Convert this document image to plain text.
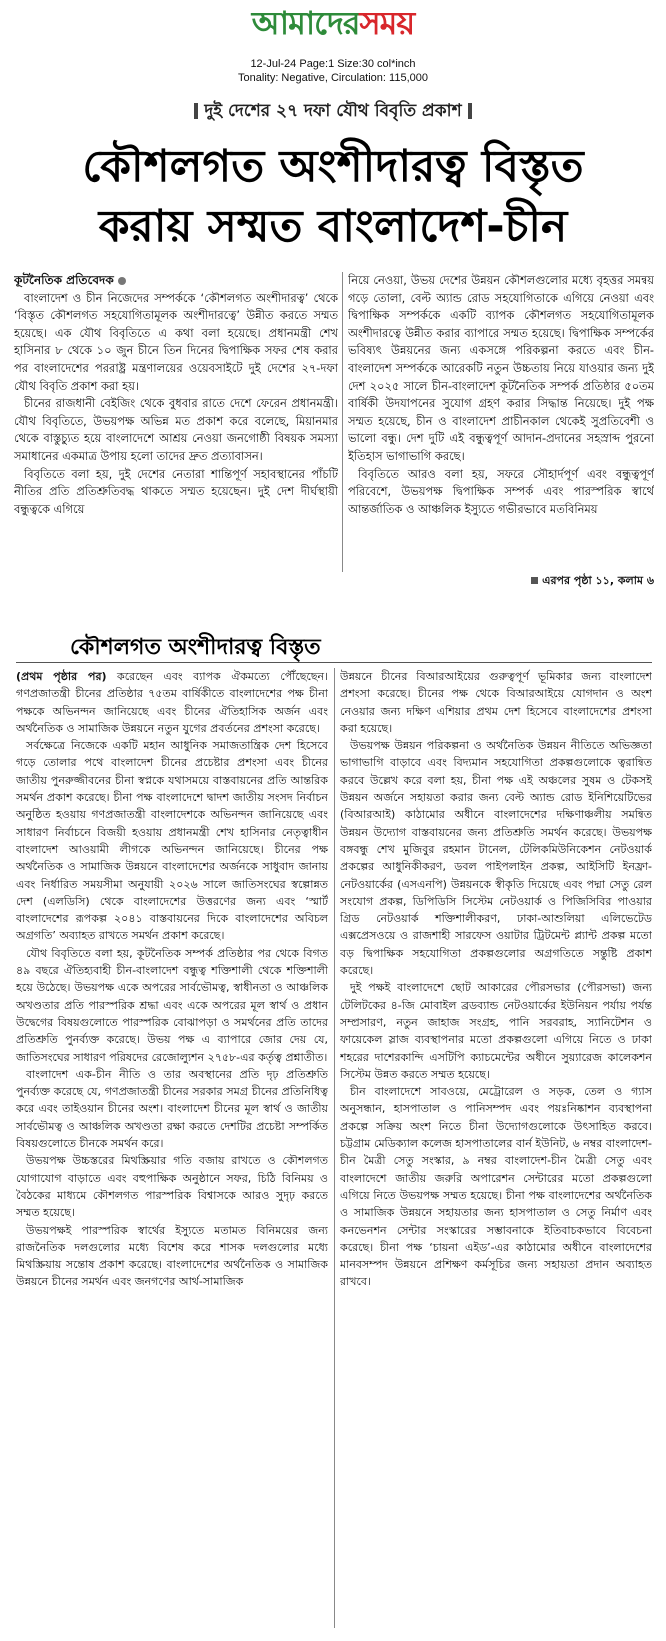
আমাদেরসময়
12-Jul-24 Page:1 Size:30 col*inch
Tonality: Negative, Circulation: 115,000
দুই দেশের ২৭ দফা যৌথ বিবৃতি প্রকাশ
কৌশলগত অংশীদারত্ব বিস্তৃত
করায় সম্মত বাংলাদেশ-চীন
কূটনৈতিক প্রতিবেদক

বাংলাদেশ ও চীন নিজেদের সম্পর্ককে ‘কৌশলগত অংশীদারত্ব’ থেকে ‘বিস্তৃত কৌশলগত সহযোগিতামূলক অংশীদারত্বে’ উন্নীত করতে সম্মত হয়েছে। এক যৌথ বিবৃতিতে এ কথা বলা হয়েছে। প্রধানমন্ত্রী শেখ হাসিনার ৮ থেকে ১০ জুন চীনে তিন দিনের দ্বিপাক্ষিক সফর শেষ করার পর বাংলাদেশের পররাষ্ট্র মন্ত্রণালয়ের ওয়েবসাইটে দুই দেশের ২৭-দফা যৌথ বিবৃতি প্রকাশ করা হয়।

চীনের রাজধানী বেইজিং থেকে বুধবার রাতে দেশে ফেরেন প্রধানমন্ত্রী। যৌথ বিবৃতিতে, উভয়পক্ষ অভিন্ন মত প্রকাশ করে বলেছে, মিয়ানমার থেকে বাস্তুচ্যুত হয়ে বাংলাদেশে আশ্রয় নেওয়া জনগোষ্ঠী বিষয়ক সমস্যা সমাধানের একমাত্র উপায় হলো তাদের দ্রুত প্রত্যাবাসন।

বিবৃতিতে বলা হয়, দুই দেশের নেতারা শান্তিপূর্ণ সহাবস্থানের পাঁচটি নীতির প্রতি প্রতিশ্রুতিবদ্ধ থাকতে সম্মত হয়েছেন। দুই দেশ দীর্ঘস্থায়ী বন্ধুত্বকে এগিয়ে

নিয়ে নেওয়া, উভয় দেশের উন্নয়ন কৌশলগুলোর মধ্যে বৃহত্তর সমন্বয় গড়ে তোলা, বেল্ট অ্যান্ড রোড সহযোগিতাকে এগিয়ে নেওয়া এবং দ্বিপাক্ষিক সম্পর্ককে একটি ব্যাপক কৌশলগত সহযোগিতামূলক অংশীদারত্বে উন্নীত করার ব্যাপারে সম্মত হয়েছে। দ্বিপাক্ষিক সম্পর্কের ভবিষ্যৎ উন্নয়নের জন্য একসঙ্গে পরিকল্পনা করতে এবং চীন-বাংলাদেশ সম্পর্ককে আরেকটি নতুন উচ্চতায় নিয়ে যাওয়ার জন্য দুই দেশ ২০২৫ সালে চীন-বাংলাদেশ কূটনৈতিক সম্পর্ক প্রতিষ্ঠার ৫০তম বার্ষিকী উদযাপনের সুযোগ গ্রহণ করার সিদ্ধান্ত নিয়েছে। দুই পক্ষ সম্মত হয়েছে, চীন ও বাংলাদেশ প্রাচীনকাল থেকেই সুপ্রতিবেশী ও ভালো বন্ধু। দেশ দুটি এই বন্ধুত্বপূর্ণ আদান-প্রদানের সহস্রাব্দ পুরনো ইতিহাস ভাগাভাগি করছে।

বিবৃতিতে আরও বলা হয়, সফরে সৌহার্দপূর্ণ এবং বন্ধুত্বপূর্ণ পরিবেশে, উভয়পক্ষ দ্বিপাক্ষিক সম্পর্ক এবং পারস্পরিক স্বার্থে আন্তর্জাতিক ও আঞ্চলিক ইস্যুতে গভীরভাবে মতবিনিময়

এরপর পৃষ্ঠা ১১, কলাম ৬
কৌশলগত অংশীদারত্ব বিস্তৃত

(প্রথম পৃষ্ঠার পর) করেছেন এবং ব্যাপক ঐকমত্যে পৌঁছেছেন। গণপ্রজাতন্ত্রী চীনের প্রতিষ্ঠার ৭৫তম বার্ষিকীতে বাংলাদেশের পক্ষ চীনা পক্ষকে অভিনন্দন জানিয়েছে এবং চীনের ঐতিহাসিক অর্জন এবং অর্থনৈতিক ও সামাজিক উন্নয়নে নতুন যুগের প্রবর্তনের প্রশংসা করেছে।

সর্বক্ষেত্রে নিজেকে একটি মহান আধুনিক সমাজতান্ত্রিক দেশ হিসেবে গড়ে তোলার পথে বাংলাদেশ চীনের প্রচেষ্টার প্রশংসা এবং চীনের জাতীয় পুনরুজ্জীবনের চীনা স্বপ্নকে যথাসময়ে বাস্তবায়নের প্রতি আন্তরিক সমর্থন প্রকাশ করেছে। চীনা পক্ষ বাংলাদেশে দ্বাদশ জাতীয় সংসদ নির্বাচন অনুষ্ঠিত হওয়ায় গণপ্রজাতন্ত্রী বাংলাদেশকে অভিনন্দন জানিয়েছে এবং সাধারণ নির্বাচনে বিজয়ী হওয়ায় প্রধানমন্ত্রী শেখ হাসিনার নেতৃত্বাধীন বাংলাদেশ আওয়ামী লীগকে অভিনন্দন জানিয়েছে। চীনের পক্ষ অর্থনৈতিক ও সামাজিক উন্নয়নে বাংলাদেশের অর্জনকে সাধুবাদ জানায় এবং নির্ধারিত সময়সীমা অনুযায়ী ২০২৬ সালে জাতিসংঘের স্বল্পোন্নত দেশ (এলডিসি) থেকে বাংলাদেশের উত্তরণের জন্য এবং ‘স্মার্ট বাংলাদেশের রূপকল্প ২০৪১ বাস্তবায়নের দিকে বাংলাদেশের অবিচল অগ্রগতি’ অব্যাহত রাখতে সমর্থন প্রকাশ করেছে।

যৌথ বিবৃতিতে বলা হয়, কূটনৈতিক সম্পর্ক প্রতিষ্ঠার পর থেকে বিগত ৪৯ বছরে ঐতিহ্যবাহী চীন-বাংলাদেশ বন্ধুত্ব শক্তিশালী থেকে শক্তিশালী হয়ে উঠেছে। উভয়পক্ষ একে অপরের সার্বভৌমত্ব, স্বাধীনতা ও আঞ্চলিক অখণ্ডতার প্রতি পারস্পরিক শ্রদ্ধা এবং একে অপরের মূল স্বার্থ ও প্রধান উদ্বেগের বিষয়গুলোতে পারস্পরিক বোঝাপড়া ও সমর্থনের প্রতি তাদের প্রতিশ্রুতি পুনর্ব্যক্ত করেছে। উভয় পক্ষ এ ব্যাপারে জোর দেয় যে, জাতিসংঘের সাধারণ পরিষদের রেজোল্যুশন ২৭৫৮-এর কর্তৃত্ব প্রশ্নাতীত।

বাংলাদেশ এক-চীন নীতি ও তার অবস্থানের প্রতি দৃঢ় প্রতিশ্রুতি পুনর্ব্যক্ত করেছে যে, গণপ্রজাতন্ত্রী চীনের সরকার সমগ্র চীনের প্রতিনিধিত্ব করে এবং তাইওয়ান চীনের অংশ। বাংলাদেশ চীনের মূল স্বার্থ ও জাতীয় সার্বভৌমত্ব ও আঞ্চলিক অখণ্ডতা রক্ষা করতে দেশটির প্রচেষ্টা সম্পর্কিত বিষয়গুলোতে চীনকে সমর্থন করে।

উভয়পক্ষ উচ্চস্তরের মিথস্ক্রিয়ার গতি বজায় রাখতে ও কৌশলগত যোগাযোগ বাড়াতে এবং বহুপাক্ষিক অনুষ্ঠানে সফর, চিঠি বিনিময় ও বৈঠকের মাধ্যমে কৌশলগত পারস্পরিক বিশ্বাসকে আরও সুদৃঢ় করতে সম্মত হয়েছে।

উভয়পক্ষই পারস্পরিক স্বার্থের ইস্যুতে মতামত বিনিময়ের জন্য রাজনৈতিক দলগুলোর মধ্যে বিশেষ করে শাসক দলগুলোর মধ্যে মিথস্ক্রিয়ায় সন্তোষ প্রকাশ করেছে। বাংলাদেশের অর্থনৈতিক ও সামাজিক উন্নয়নে চীনের সমর্থন এবং জনগণের আর্থ-সামাজিক

উন্নয়নে চীনের বিআরআইয়ের গুরুত্বপূর্ণ ভূমিকার জন্য বাংলাদেশ প্রশংসা করেছে। চীনের পক্ষ থেকে বিআরআইয়ে যোগদান ও অংশ নেওয়ার জন্য দক্ষিণ এশিয়ার প্রথম দেশ হিসেবে বাংলাদেশের প্রশংসা করা হয়েছে।

উভয়পক্ষ উন্নয়ন পরিকল্পনা ও অর্থনৈতিক উন্নয়ন নীতিতে অভিজ্ঞতা ভাগাভাগি বাড়াবে এবং বিদ্যমান সহযোগিতা প্রকল্পগুলোকে ত্বরান্বিত করবে উল্লেখ করে বলা হয়, চীনা পক্ষ এই অঞ্চলের সুষম ও টেকসই উন্নয়ন অর্জনে সহায়তা করার জন্য বেল্ট অ্যান্ড রোড ইনিশিয়েটিভের (বিআরআই) কাঠামোর অধীনে বাংলাদেশের দক্ষিণাঞ্চলীয় সমন্বিত উন্নয়ন উদ্যোগ বাস্তবায়নের জন্য প্রতিশ্রুতি সমর্থন করেছে। উভয়পক্ষ বঙ্গবন্ধু শেখ মুজিবুর রহমান টানেল, টেলিকমিউনিকেশন নেটওয়ার্ক প্রকল্পের আধুনিকীকরণ, ডবল পাইপলাইন প্রকল্প, আইসিটি ইনফ্রা-নেটওয়ার্কের (এসএনপি) উন্নয়নকে স্বীকৃতি দিয়েছে এবং পদ্মা সেতু রেল সংযোগ প্রকল্প, ডিপিডিসি সিস্টেম নেটওয়ার্ক ও পিজিসিবির পাওয়ার গ্রিড নেটওয়ার্ক শক্তিশালীকরণ, ঢাকা-আশুলিয়া এলিভেটেড এক্সপ্রেসওয়ে ও রাজশাহী সারফেস ওয়াটার ট্রিটমেন্ট প্ল্যান্ট প্রকল্প মতো বড় দ্বিপাক্ষিক সহযোগিতা প্রকল্পগুলোর অগ্রগতিতে সন্তুষ্টি প্রকাশ করেছে।

দুই পক্ষই বাংলাদেশে ছোট আকারের পৌরসভার (পৌরসভা) জন্য টেলিটকের ৪-জি মোবাইল ব্রডব্যান্ড নেটওয়ার্কের ইউনিয়ন পর্যায় পর্যন্ত সম্প্রসারণ, নতুন জাহাজ সংগ্রহ, পানি সরবরাহ, স্যানিটেশন ও ফায়েকেল স্লাজ ব্যবস্থাপনার মতো প্রকল্পগুলো এগিয়ে নিতে ও ঢাকা শহরের দাশেরকান্দি এসটিপি ক্যাচমেন্টের অধীনে সুয়্যারেজ কালেকশন সিস্টেম উন্নত করতে সম্মত হয়েছে।

চীন বাংলাদেশে সাবওয়ে, মেট্রোরেল ও সড়ক, তেল ও গ্যাস অনুসন্ধান, হাসপাতাল ও পানিসম্পদ এবং পয়ঃনিষ্কাশন ব্যবস্থাপনা প্রকল্পে সক্রিয় অংশ নিতে চীনা উদ্যোগগুলোকে উৎসাহিত করবে। চট্টগ্রাম মেডিক্যাল কলেজ হাসপাতালের বার্ন ইউনিট, ৬ নম্বর বাংলাদেশ-চীন মৈত্রী সেতু সংস্কার, ৯ নম্বর বাংলাদেশ-চীন মৈত্রী সেতু এবং বাংলাদেশে জাতীয় জরুরি অপারেশন সেন্টারের মতো প্রকল্পগুলো এগিয়ে নিতে উভয়পক্ষ সম্মত হয়েছে। চীনা পক্ষ বাংলাদেশের অর্থনৈতিক ও সামাজিক উন্নয়নে সহায়তার জন্য হাসপাতাল ও সেতু নির্মাণ এবং কনভেনশন সেন্টার সংস্কারের সম্ভাবনাকে ইতিবাচকভাবে বিবেচনা করেছে। চীনা পক্ষ ‘চায়না এইড’-এর কাঠামোর অধীনে বাংলাদেশের মানবসম্পদ উন্নয়নে প্রশিক্ষণ কর্মসূচির জন্য সহায়তা প্রদান অব্যাহত রাখবে।
